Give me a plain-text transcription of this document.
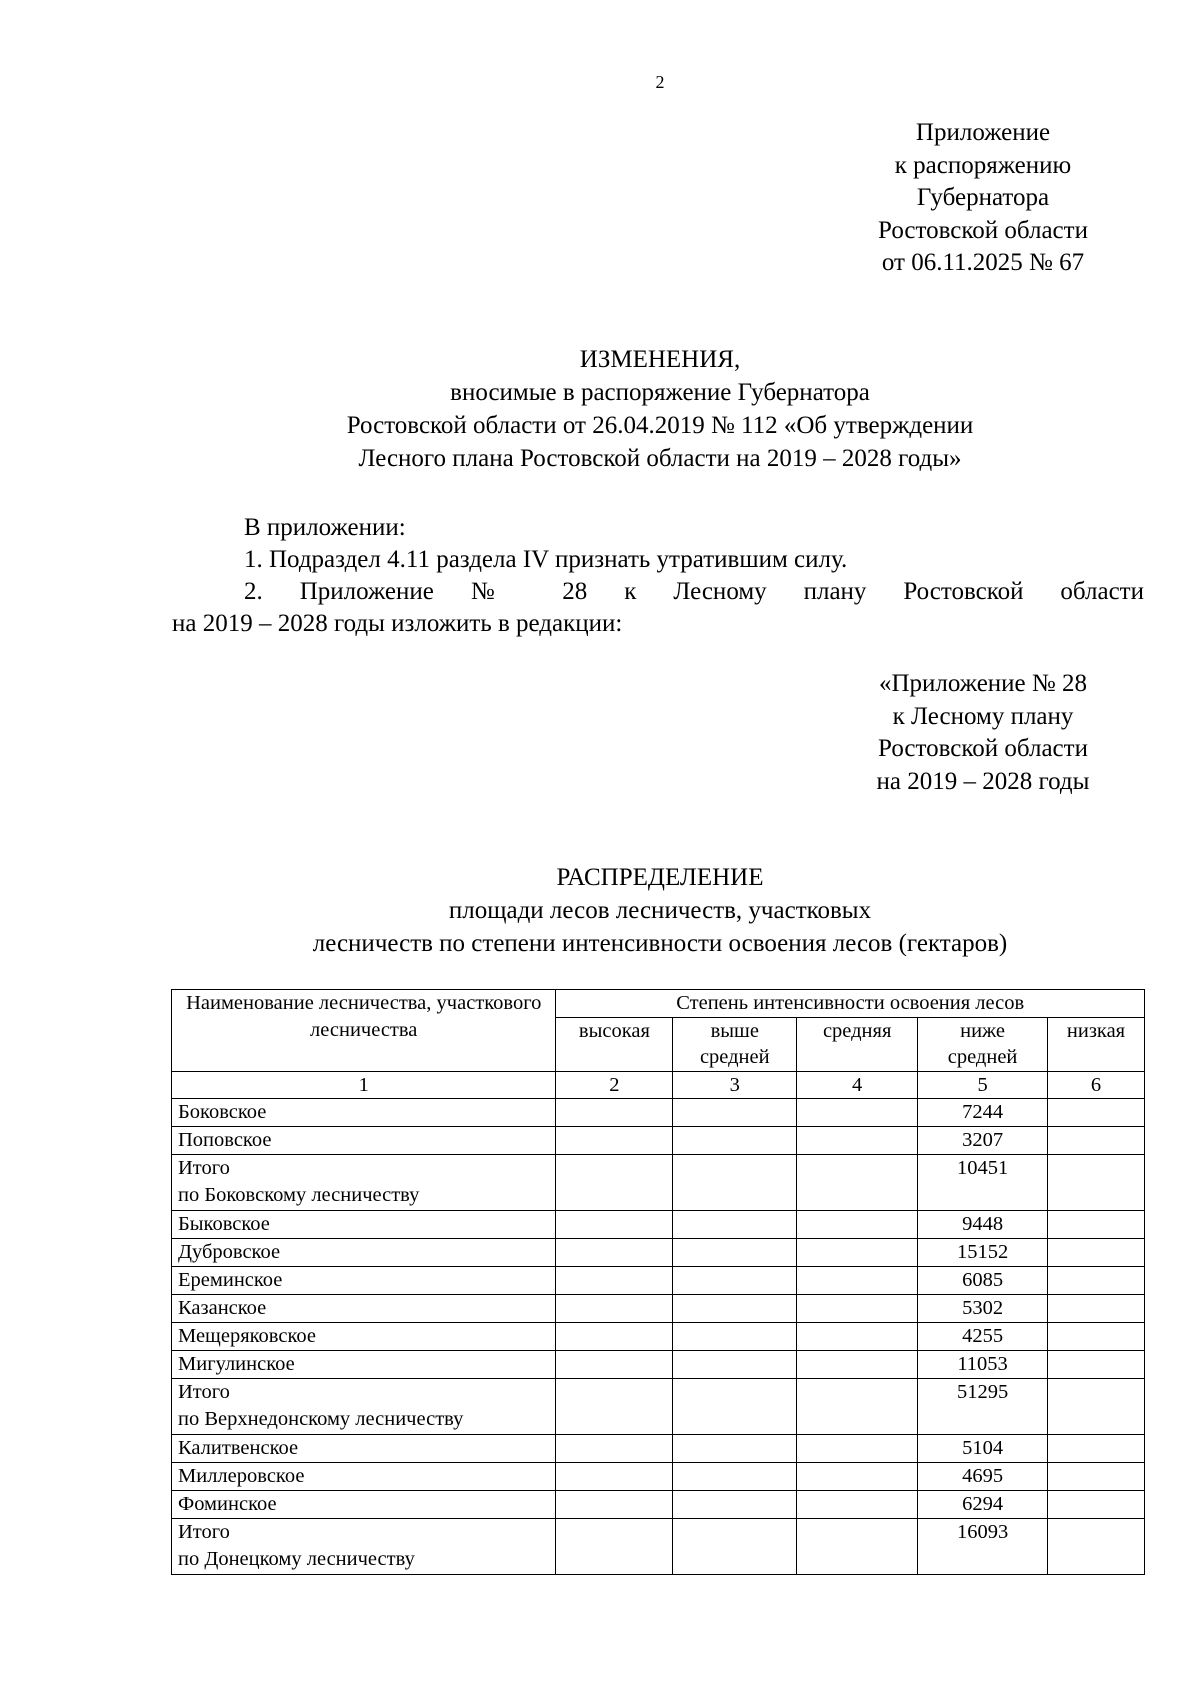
2
Приложение
к распоряжению
Губернатора
Ростовской области
от 06.11.2025 № 67
ИЗМЕНЕНИЯ,
вносимые в распоряжение Губернатора
Ростовской области от 26.04.2019 № 112 «Об утверждении
Лесного плана Ростовской области на 2019 – 2028 годы»

В приложении:

1. Подраздел 4.11 раздела IV признать утратившим силу.

2. Приложение № 28 к Лесному плану Ростовской области

на 2019 – 2028 годы изложить в редакции:

«Приложение № 28
к Лесному плану
Ростовской области
на 2019 – 2028 годы
РАСПРЕДЕЛЕНИЕ
площади лесов лесничеств, участковых
лесничеств по степени интенсивности освоения лесов (гектаров)
Наименование лесничества, участкового лесничества	Степень интенсивности освоения лесов				
	высокая	выше средней	средняя	ниже средней	низкая
1	2	3	4	5	6
Боковское				7244	
Поповское				3207	
Итого
по Боковскому лесничеству				10451	
Быковское				9448	
Дубровское				15152	
Ереминское				6085	
Казанское				5302	
Мещеряковское				4255	
Мигулинское				11053	
Итого
по Верхнедонскому лесничеству				51295	
Калитвенское				5104	
Миллеровское				4695	
Фоминское				6294	
Итого
по Донецкому лесничеству				16093	
